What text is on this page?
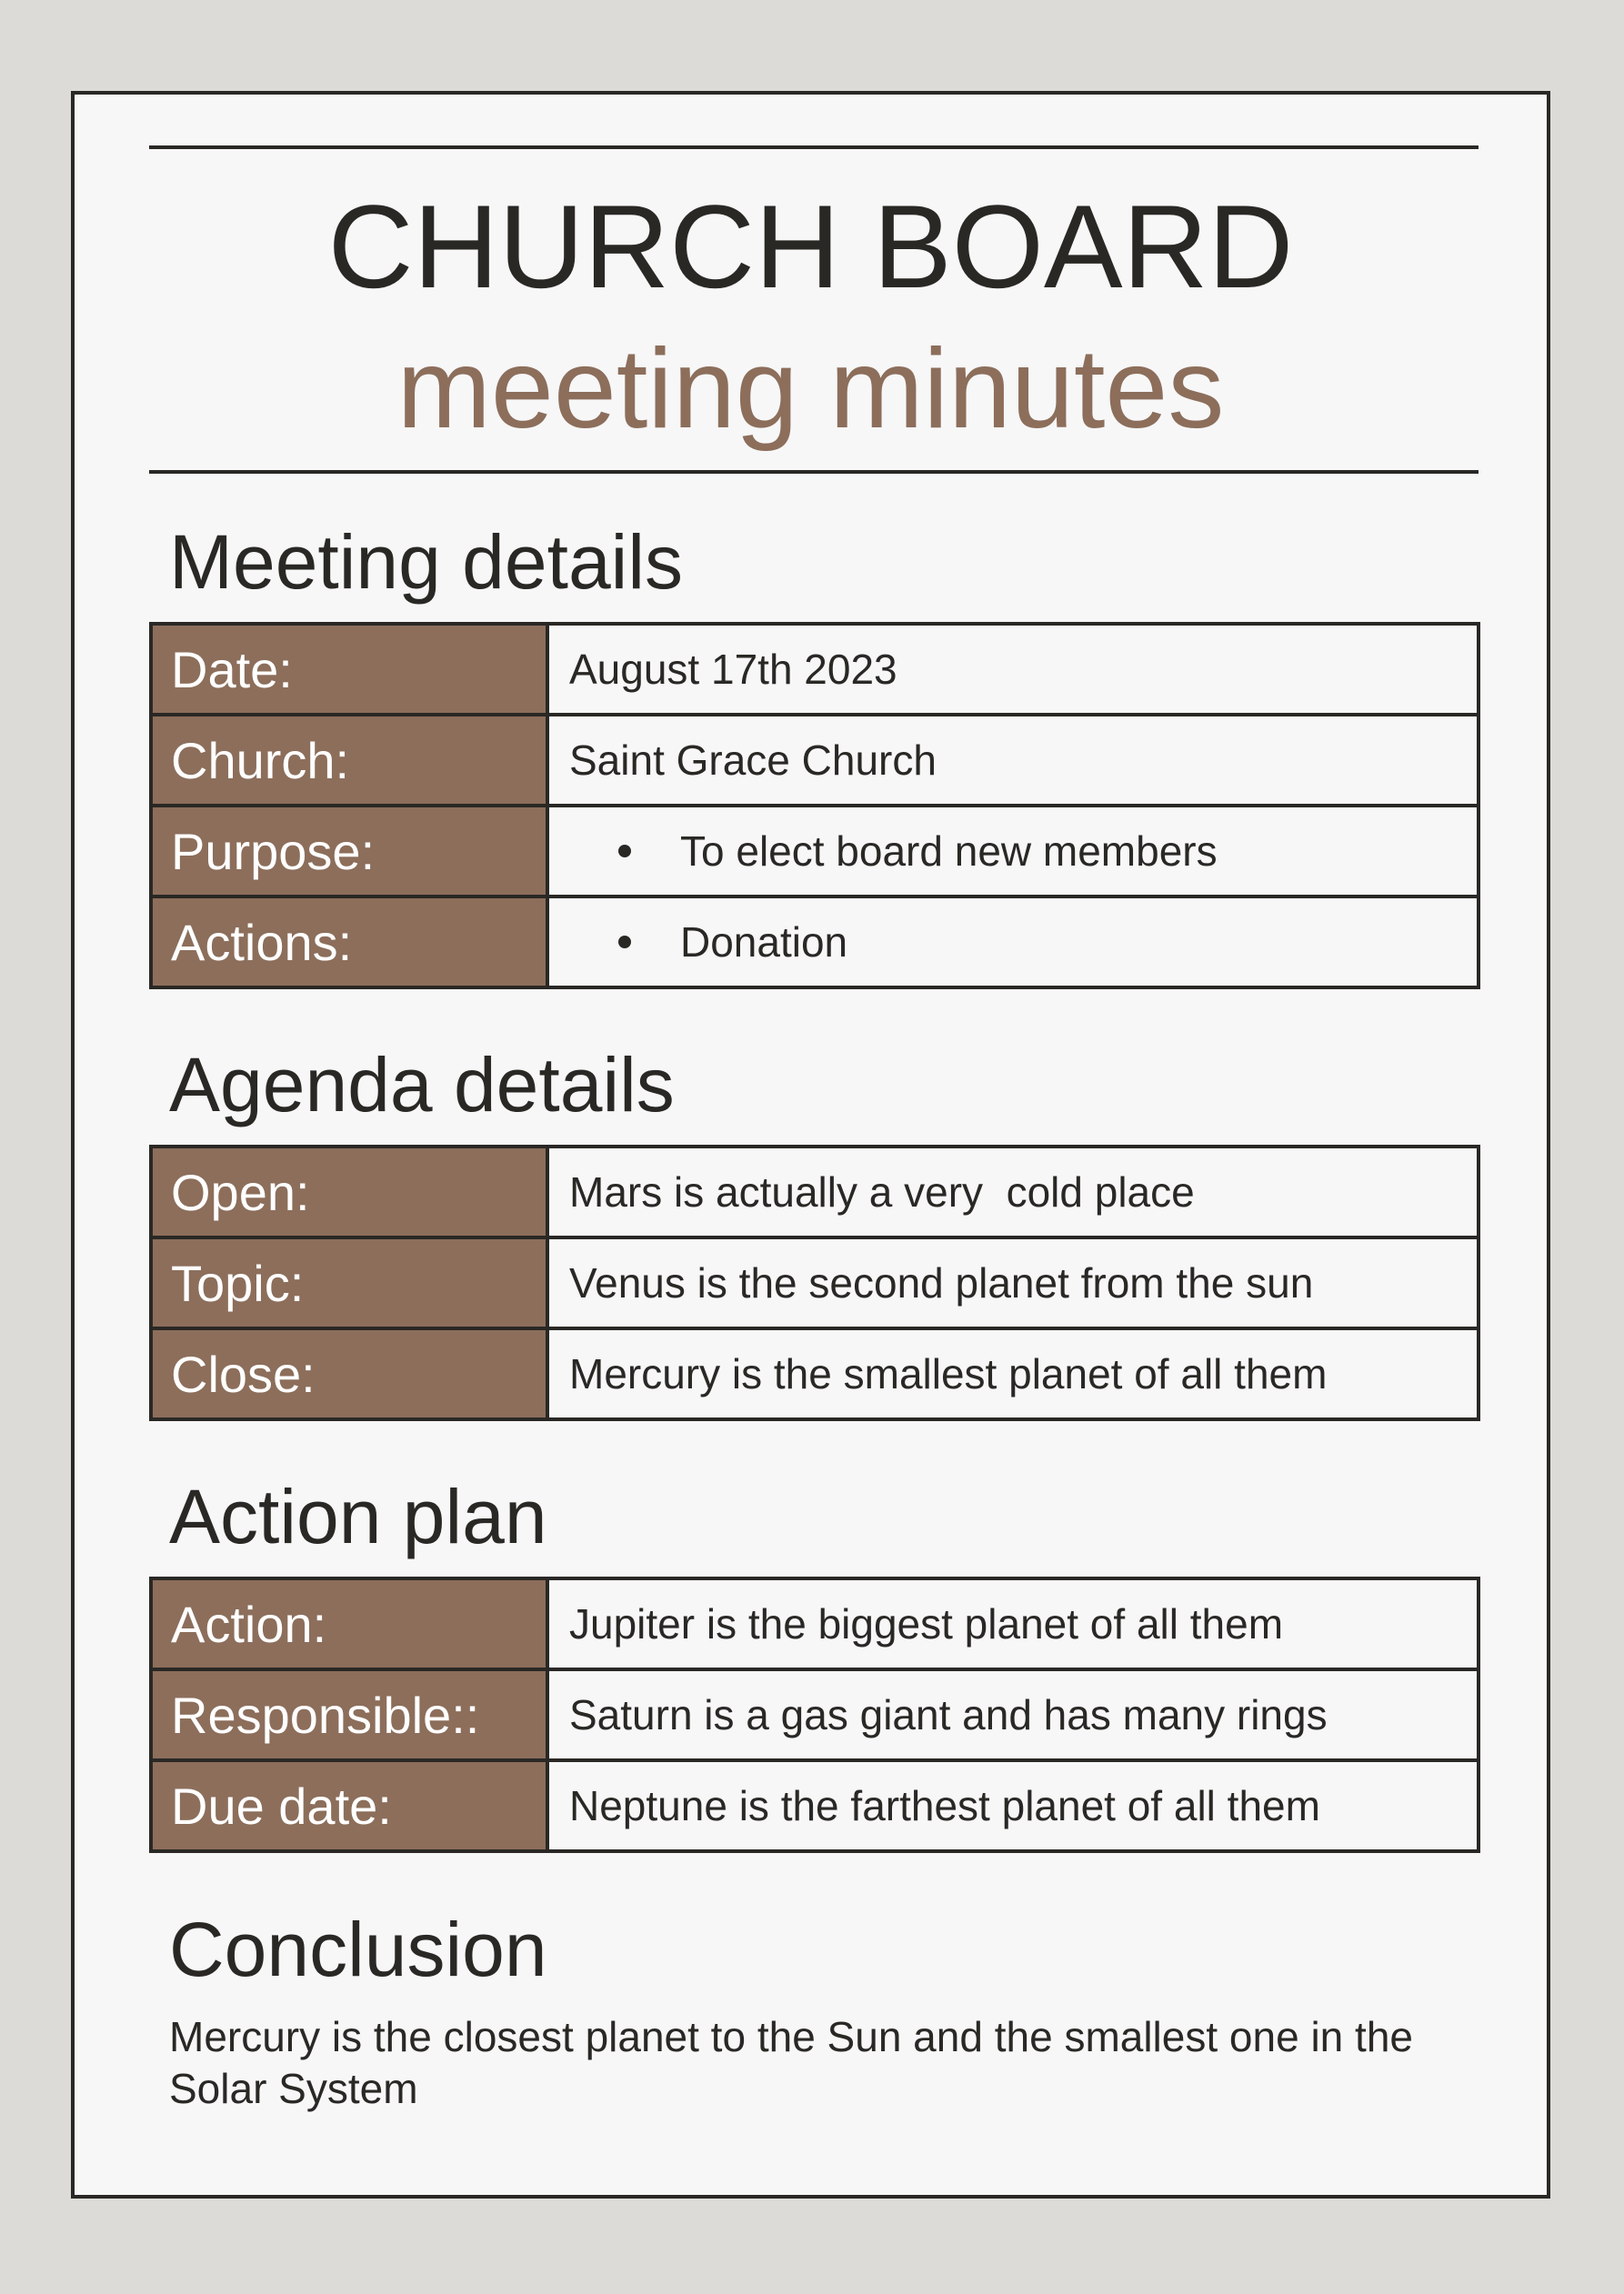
CHURCH BOARD
meeting minutes
Meeting details
Date:	August 17th 2023
Church:	Saint Grace Church
Purpose:	To elect board new members
Actions:	Donation
Agenda details
Open:	Mars is actually a very  cold place
Topic:	Venus is the second planet from the sun
Close:	Mercury is the smallest planet of all them
Action plan
Action:	Jupiter is the biggest planet of all them
Responsible::	Saturn is a gas giant and has many rings
Due date:	Neptune is the farthest planet of all them
Conclusion

Mercury is the closest planet to the Sun and the smallest one in the Solar System
